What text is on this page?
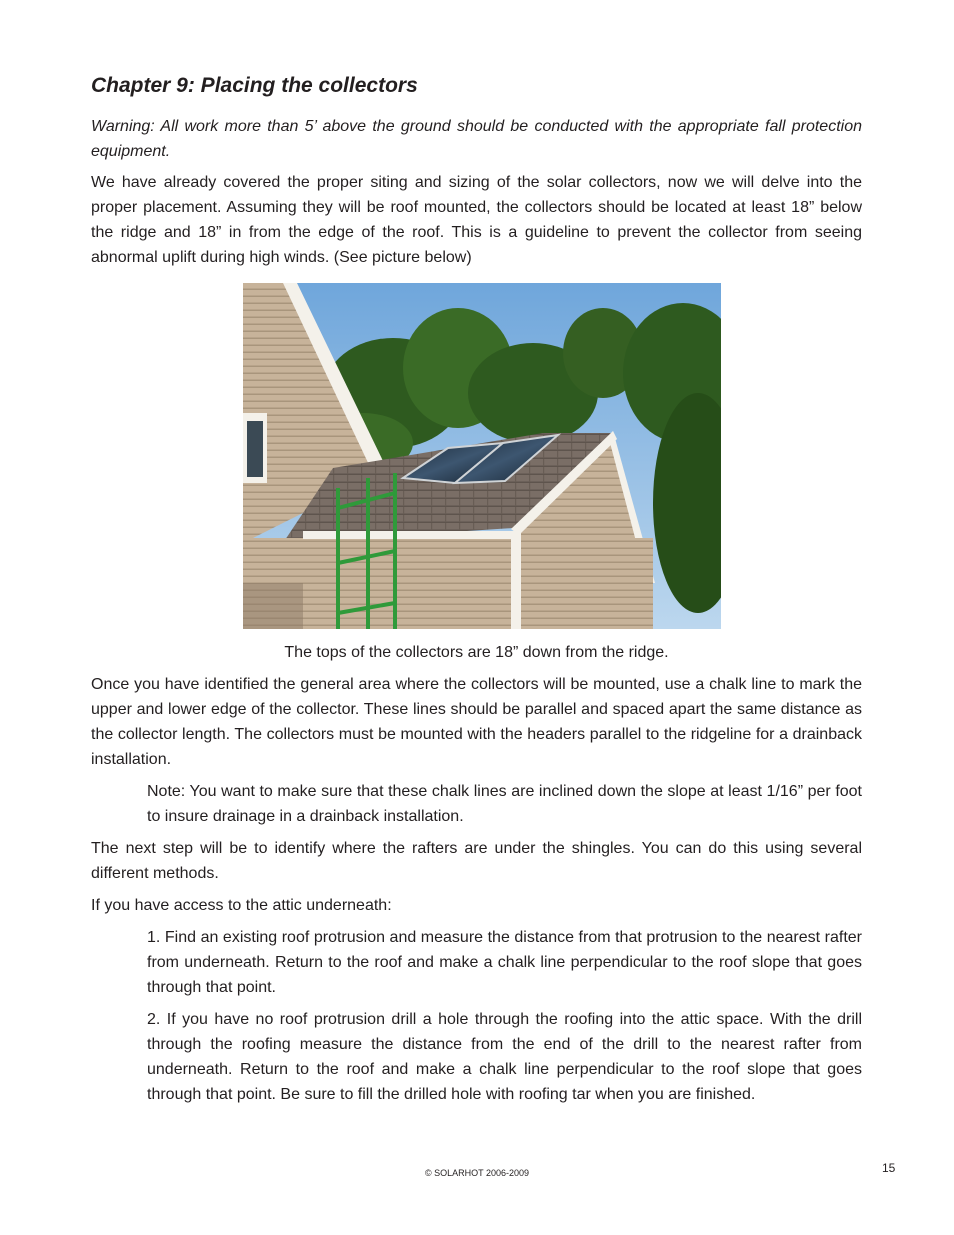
Chapter 9: Placing the collectors

Warning: All work more than 5’ above the ground should be conducted with the appropriate fall protection equipment.

We have already covered the proper siting and sizing of the solar collectors, now we will delve into the proper placement. Assuming they will be roof mounted, the collectors should be located at least 18” below the ridge and 18” in from the edge of the roof. This is a guideline to prevent the collector from seeing abnormal uplift during high winds. (See picture below)

The tops of the collectors are 18” down from the ridge.

Once you have identified the general area where the collectors will be mounted, use a chalk line to mark the upper and lower edge of the collector. These lines should be parallel and spaced apart the same distance as the collector length. The collectors must be mounted with the headers parallel to the ridgeline for a drainback installation.

Note: You want to make sure that these chalk lines are inclined down the slope at least 1/16” per foot to insure drainage in a drainback installation.

The next step will be to identify where the rafters are under the shingles. You can do this using several different methods.

If you have access to the attic underneath:

1. Find an existing roof protrusion and measure the distance from that protrusion to the nearest rafter from underneath. Return to the roof and make a chalk line perpendicular to the roof slope that goes through that point.

2. If you have no roof protrusion drill a hole through the roofing into the attic space. With the drill through the roofing measure the distance from the end of the drill to the nearest rafter from underneath. Return to the roof and make a chalk line perpendicular to the roof slope that goes through that point. Be sure to fill the drilled hole with roofing tar when you are finished.

© SOLARHOT 2006-2009	15
